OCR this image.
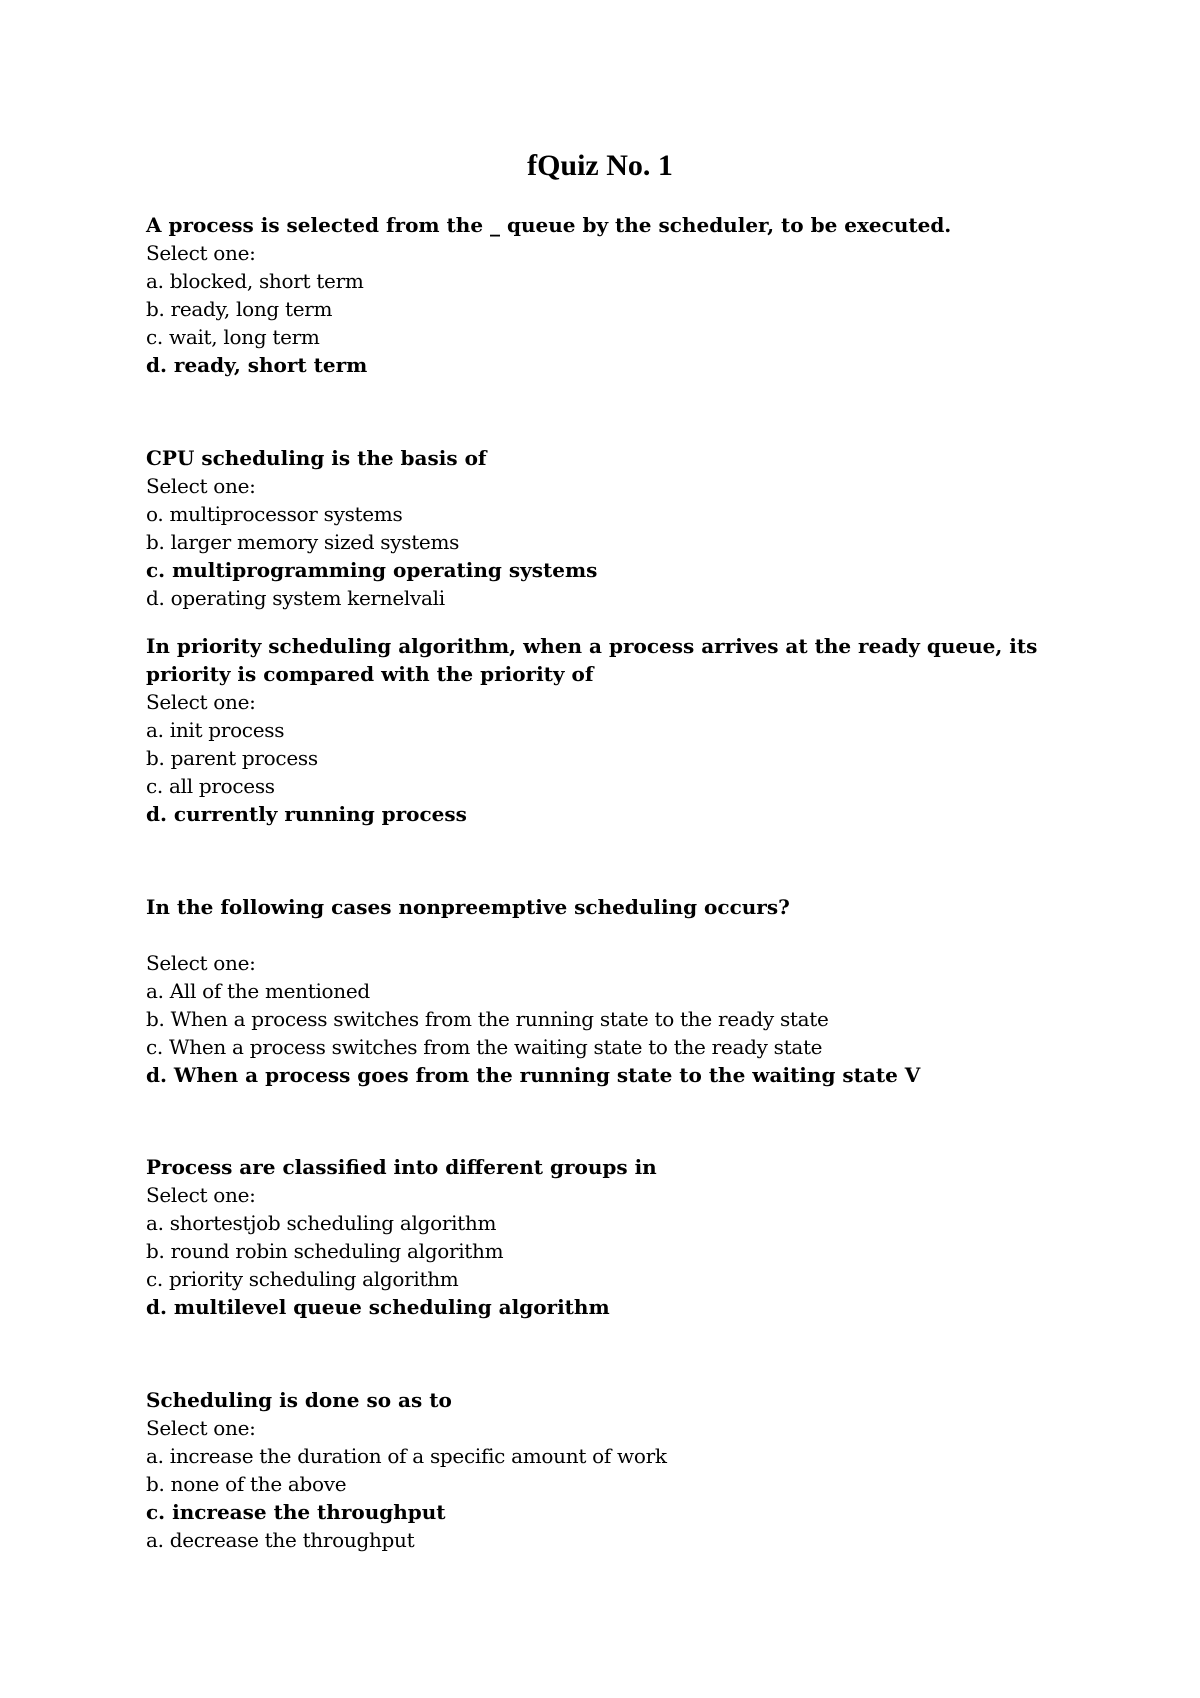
fQuiz No. 1

A process is selected from the _ queue by the scheduler, to be executed.

Select one:

a. blocked, short term

b. ready, long term

c. wait, long term

d. ready, short term

CPU scheduling is the basis of

Select one:

o. multiprocessor systems

b. larger memory sized systems

c. multiprogramming operating systems

d. operating system kernelvali

In priority scheduling algorithm, when a process arrives at the ready queue, its priority is compared with the priority of

Select one:

a. init process

b. parent process

c. all process

d. currently running process

In the following cases nonpreemptive scheduling occurs?

Select one:

a. All of the mentioned

b. When a process switches from the running state to the ready state

c. When a process switches from the waiting state to the ready state

d. When a process goes from the running state to the waiting state V

Process are classified into different groups in

Select one:

a. shortestjob scheduling algorithm

b. round robin scheduling algorithm

c. priority scheduling algorithm

d. multilevel queue scheduling algorithm

Scheduling is done so as to

Select one:

a. increase the duration of a specific amount of work

b. none of the above

c. increase the throughput

a. decrease the throughput
